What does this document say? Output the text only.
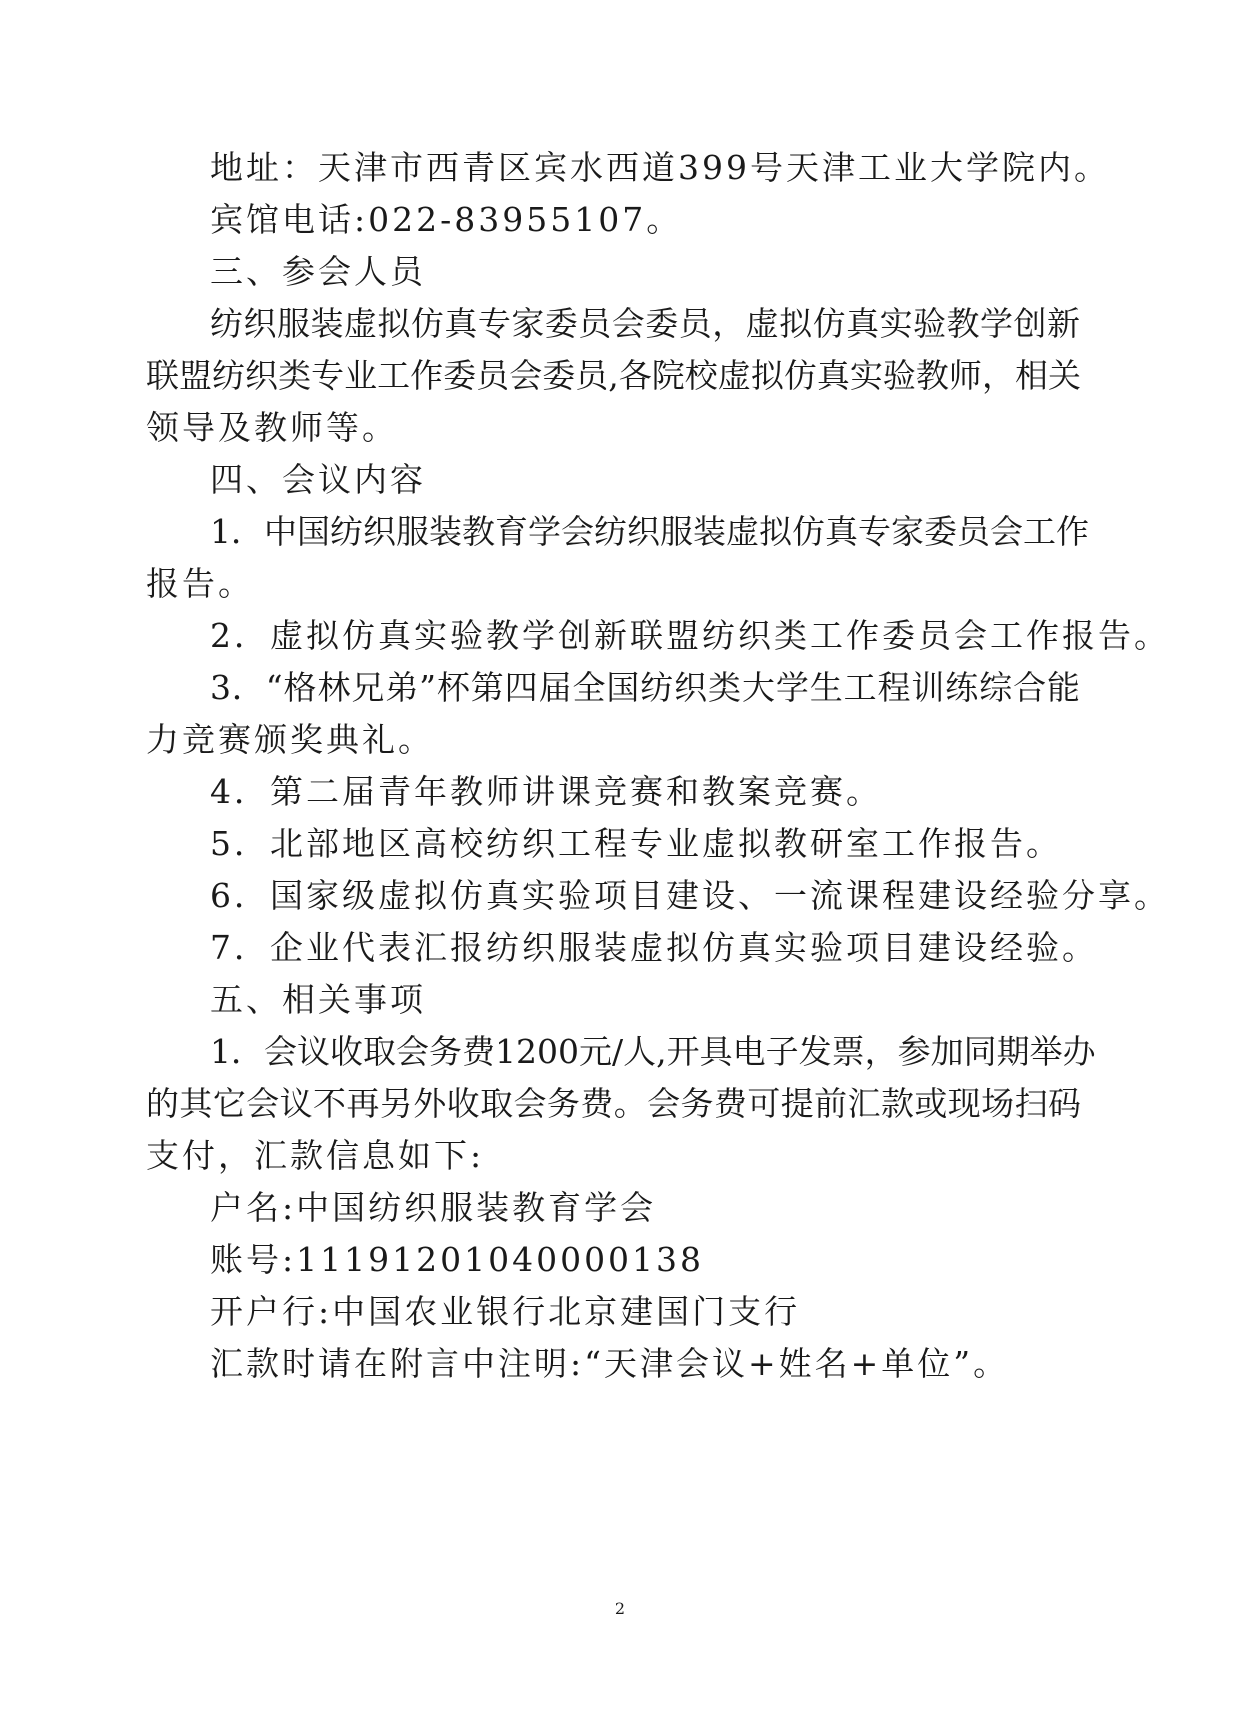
地址：天津市西青区宾水西道399号天津工业大学院内。
宾馆电话:022-83955107。
三、参会人员
纺织服装虚拟仿真专家委员会委员，虚拟仿真实验教学创新
联盟纺织类专业工作委员会委员,各院校虚拟仿真实验教师，相关
领导及教师等。
四、会议内容
1．中国纺织服装教育学会纺织服装虚拟仿真专家委员会工作
报告。
2．虚拟仿真实验教学创新联盟纺织类工作委员会工作报告。
3．“格林兄弟”杯第四届全国纺织类大学生工程训练综合能
力竞赛颁奖典礼。
4．第二届青年教师讲课竞赛和教案竞赛。
5．北部地区高校纺织工程专业虚拟教研室工作报告。
6．国家级虚拟仿真实验项目建设、一流课程建设经验分享。
7．企业代表汇报纺织服装虚拟仿真实验项目建设经验。
五、相关事项
1．会议收取会务费1200元/人,开具电子发票，参加同期举办
的其它会议不再另外收取会务费。会务费可提前汇款或现场扫码
支付，汇款信息如下:
户名:中国纺织服装教育学会
账号:11191201040000138
开户行:中国农业银行北京建国门支行
汇款时请在附言中注明:“天津会议+姓名+单位”。
2
